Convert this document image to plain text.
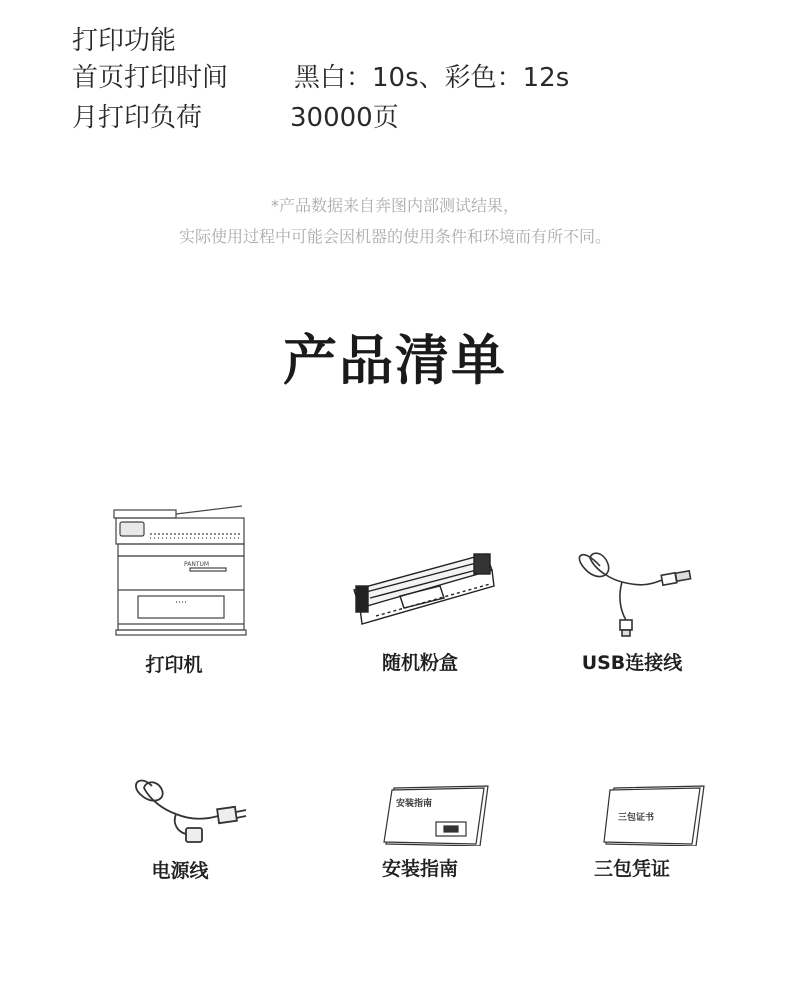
打印功能
首页打印时间	黑白：10s、彩色：12s
月打印负荷	30000页
*产品数据来自奔图内部测试结果，
实际使用过程中可能会因机器的使用条件和环境而有所不同。
产品清单
PANTUM
打印机	随机粉盒	USB连接线
电源线
安装指南
安装指南
三包证书
三包凭证
